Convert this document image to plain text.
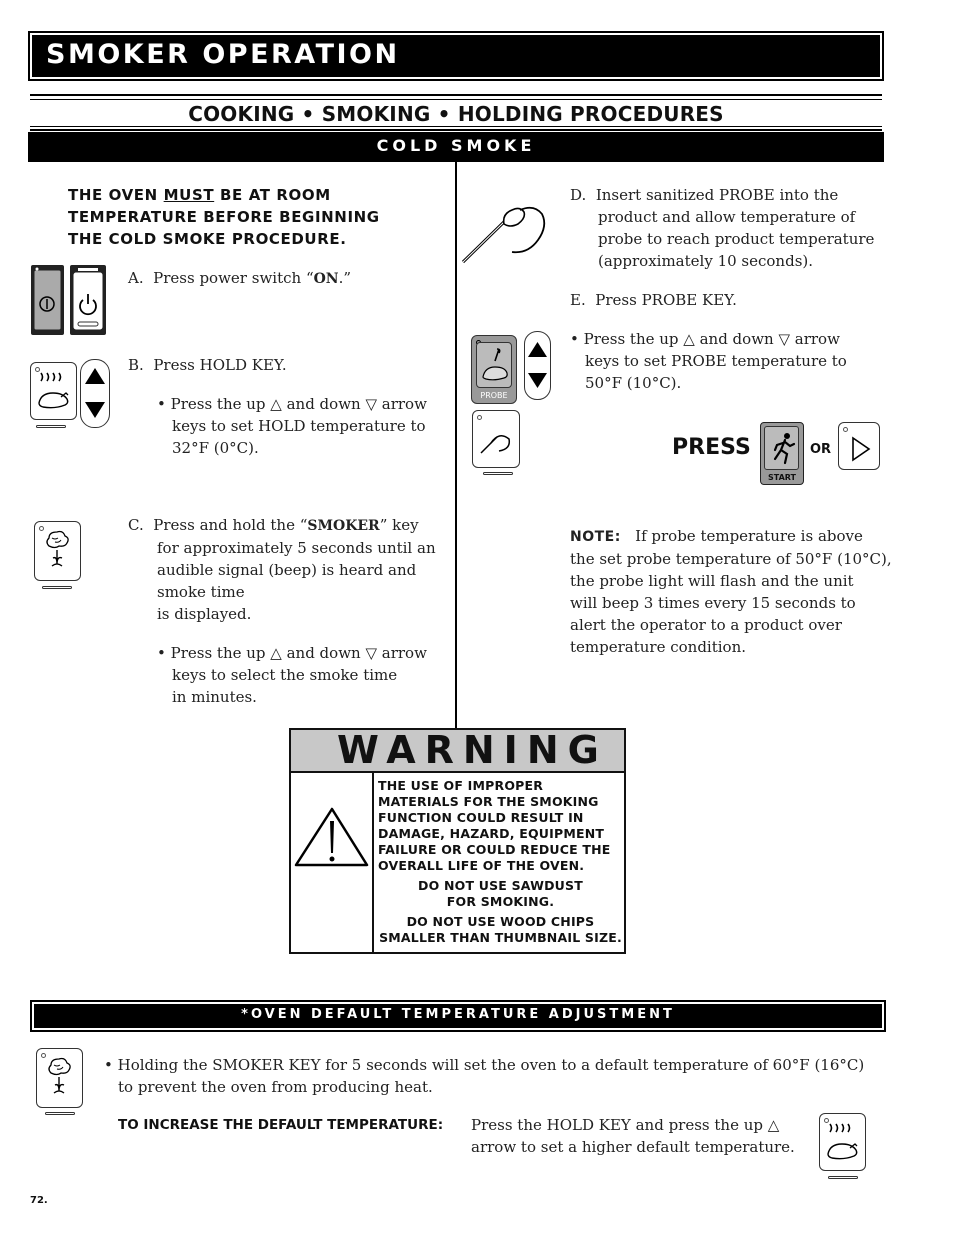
SMOKER OPERATION
COOKING • SMOKING • HOLDING PROCEDURES
COLD SMOKE
THE OVEN MUST BE AT ROOM
TEMPERATURE BEFORE BEGINNING
THE COLD SMOKE PROCEDURE.
A. Press power switch “ON.”
B. Press HOLD KEY.
• Press the up △ and down ▽ arrow
keys to set HOLD temperature to
32°F (0°C).
C. Press and hold the “SMOKER” key
for approximately 5 seconds until an
audible signal (beep) is heard and
smoke time
is displayed.
• Press the up △ and down ▽ arrow
keys to select the smoke time
in minutes.
D. Insert sanitized PROBE into the
product and allow temperature of
probe to reach product temperature
(approximately 10 seconds).
E. Press PROBE KEY.
• Press the up △ and down ▽ arrow
keys to set PROBE temperature to
50°F (10°C).
PROBE
PRESS
START
OR
NOTE: If probe temperature is above
the set probe temperature of 50°F (10°C),
the probe light will flash and the unit
will beep 3 times every 15 seconds to
alert the operator to a product over
temperature condition.
WARNING
THE USE OF IMPROPER
MATERIALS FOR THE SMOKING
FUNCTION COULD RESULT IN
DAMAGE, HAZARD, EQUIPMENT
FAILURE OR COULD REDUCE THE
OVERALL LIFE OF THE OVEN.
DO NOT USE SAWDUST
FOR SMOKING.
DO NOT USE WOOD CHIPS
SMALLER THAN THUMBNAIL SIZE.
*OVEN DEFAULT TEMPERATURE ADJUSTMENT
• Holding the SMOKER KEY for 5 seconds will set the oven to a default temperature of 60°F (16°C)
to prevent the oven from producing heat.
TO INCREASE THE DEFAULT TEMPERATURE: Press the HOLD KEY and press the up △
arrow to set a higher default temperature.
72.
